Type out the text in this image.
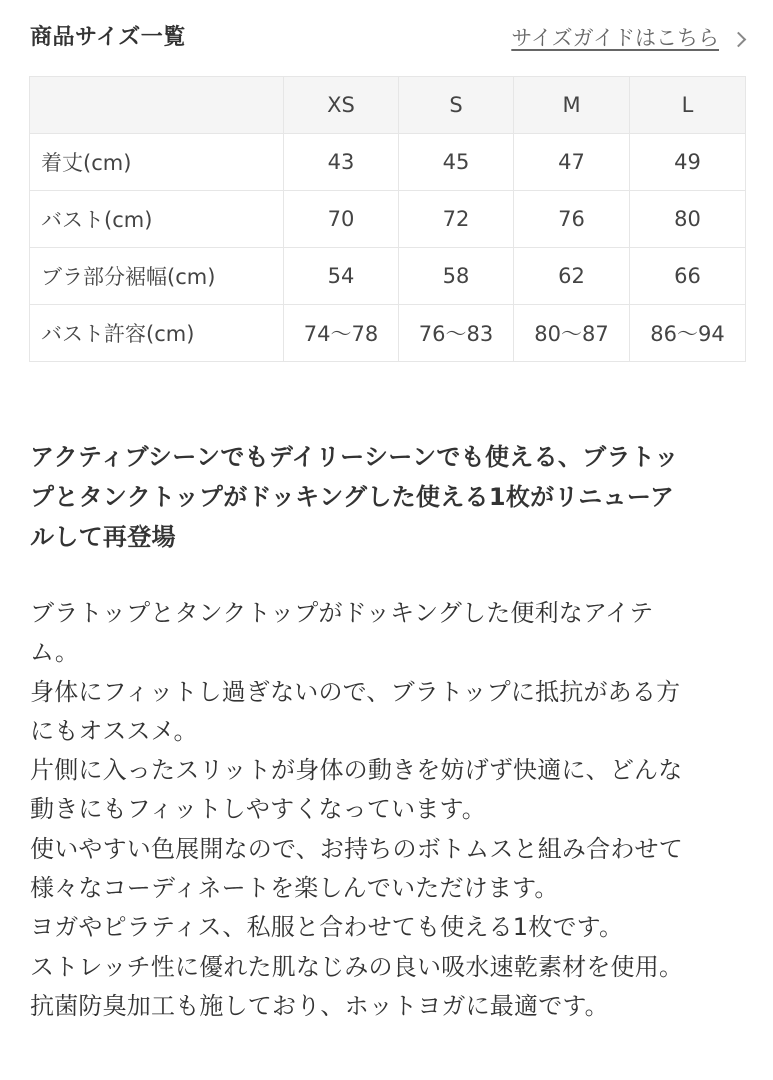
商品サイズ一覧	サイズガイドはこちら
	XS	S	M	L
着丈(cm)	43	45	47	49
バスト(cm)	70	72	76	80
ブラ部分裾幅(cm)	54	58	62	66
バスト許容(cm)	74〜78	76〜83	80〜87	86〜94
アクティブシーンでもデイリーシーンでも使える、ブラトッ
プとタンクトップがドッキングした使える1枚がリニューア
ルして再登場
ブラトップとタンクトップがドッキングした便利なアイテ
ム。
身体にフィットし過ぎないので、ブラトップに抵抗がある方
にもオススメ。
片側に入ったスリットが身体の動きを妨げず快適に、どんな
動きにもフィットしやすくなっています。
使いやすい色展開なので、お持ちのボトムスと組み合わせて
様々なコーディネートを楽しんでいただけます。
ヨガやピラティス、私服と合わせても使える1枚です。
ストレッチ性に優れた肌なじみの良い吸水速乾素材を使用。
抗菌防臭加工も施しており、ホットヨガに最適です。
